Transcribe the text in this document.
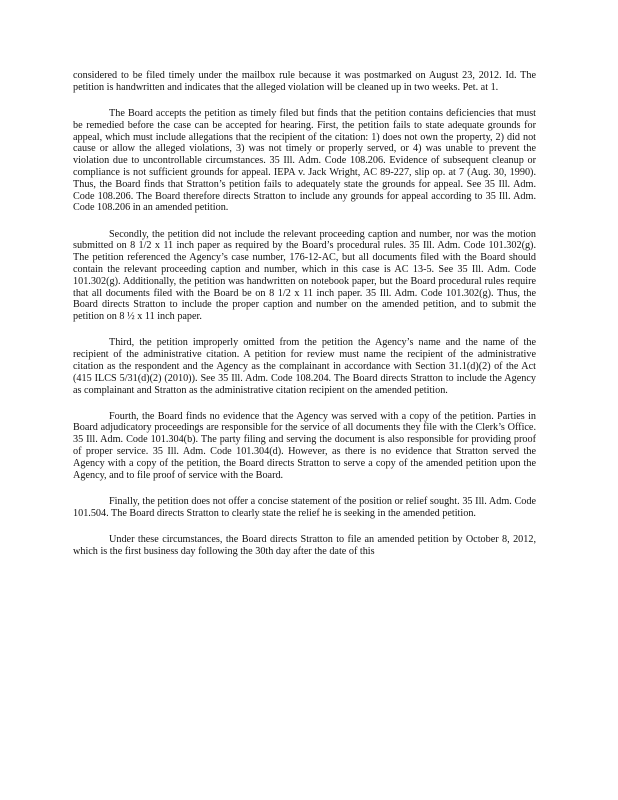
considered to be filed timely under the mailbox rule because it was postmarked on August 23, 2012. Id. The petition is handwritten and indicates that the alleged violation will be cleaned up in two weeks. Pet. at 1.

The Board accepts the petition as timely filed but finds that the petition contains deficiencies that must be remedied before the case can be accepted for hearing. First, the petition fails to state adequate grounds for appeal, which must include allegations that the recipient of the citation: 1) does not own the property, 2) did not cause or allow the alleged violations, 3) was not timely or properly served, or 4) was unable to prevent the violation due to uncontrollable circumstances. 35 Ill. Adm. Code 108.206. Evidence of subsequent cleanup or compliance is not sufficient grounds for appeal. IEPA v. Jack Wright, AC 89-227, slip op. at 7 (Aug. 30, 1990). Thus, the Board finds that Stratton’s petition fails to adequately state the grounds for appeal. See 35 Ill. Adm. Code 108.206. The Board therefore directs Stratton to include any grounds for appeal according to 35 Ill. Adm. Code 108.206 in an amended petition.

Secondly, the petition did not include the relevant proceeding caption and number, nor was the motion submitted on 8 1/2 x 11 inch paper as required by the Board’s procedural rules. 35 Ill. Adm. Code 101.302(g). The petition referenced the Agency’s case number, 176-12-AC, but all documents filed with the Board should contain the relevant proceeding caption and number, which in this case is AC 13-5. See 35 Ill. Adm. Code 101.302(g). Additionally, the petition was handwritten on notebook paper, but the Board procedural rules require that all documents filed with the Board be on 8 1/2 x 11 inch paper. 35 Ill. Adm. Code 101.302(g). Thus, the Board directs Stratton to include the proper caption and number on the amended petition, and to submit the petition on 8 ½ x 11 inch paper.

Third, the petition improperly omitted from the petition the Agency’s name and the name of the recipient of the administrative citation. A petition for review must name the recipient of the administrative citation as the respondent and the Agency as the complainant in accordance with Section 31.1(d)(2) of the Act (415 ILCS 5/31(d)(2) (2010)). See 35 Ill. Adm. Code 108.204. The Board directs Stratton to include the Agency as complainant and Stratton as the administrative citation recipient on the amended petition.

Fourth, the Board finds no evidence that the Agency was served with a copy of the petition. Parties in Board adjudicatory proceedings are responsible for the service of all documents they file with the Clerk’s Office. 35 Ill. Adm. Code 101.304(b). The party filing and serving the document is also responsible for providing proof of proper service. 35 Ill. Adm. Code 101.304(d). However, as there is no evidence that Stratton served the Agency with a copy of the petition, the Board directs Stratton to serve a copy of the amended petition upon the Agency, and to file proof of service with the Board.

Finally, the petition does not offer a concise statement of the position or relief sought. 35 Ill. Adm. Code 101.504. The Board directs Stratton to clearly state the relief he is seeking in the amended petition.

Under these circumstances, the Board directs Stratton to file an amended petition by October 8, 2012, which is the first business day following the 30th day after the date of this
